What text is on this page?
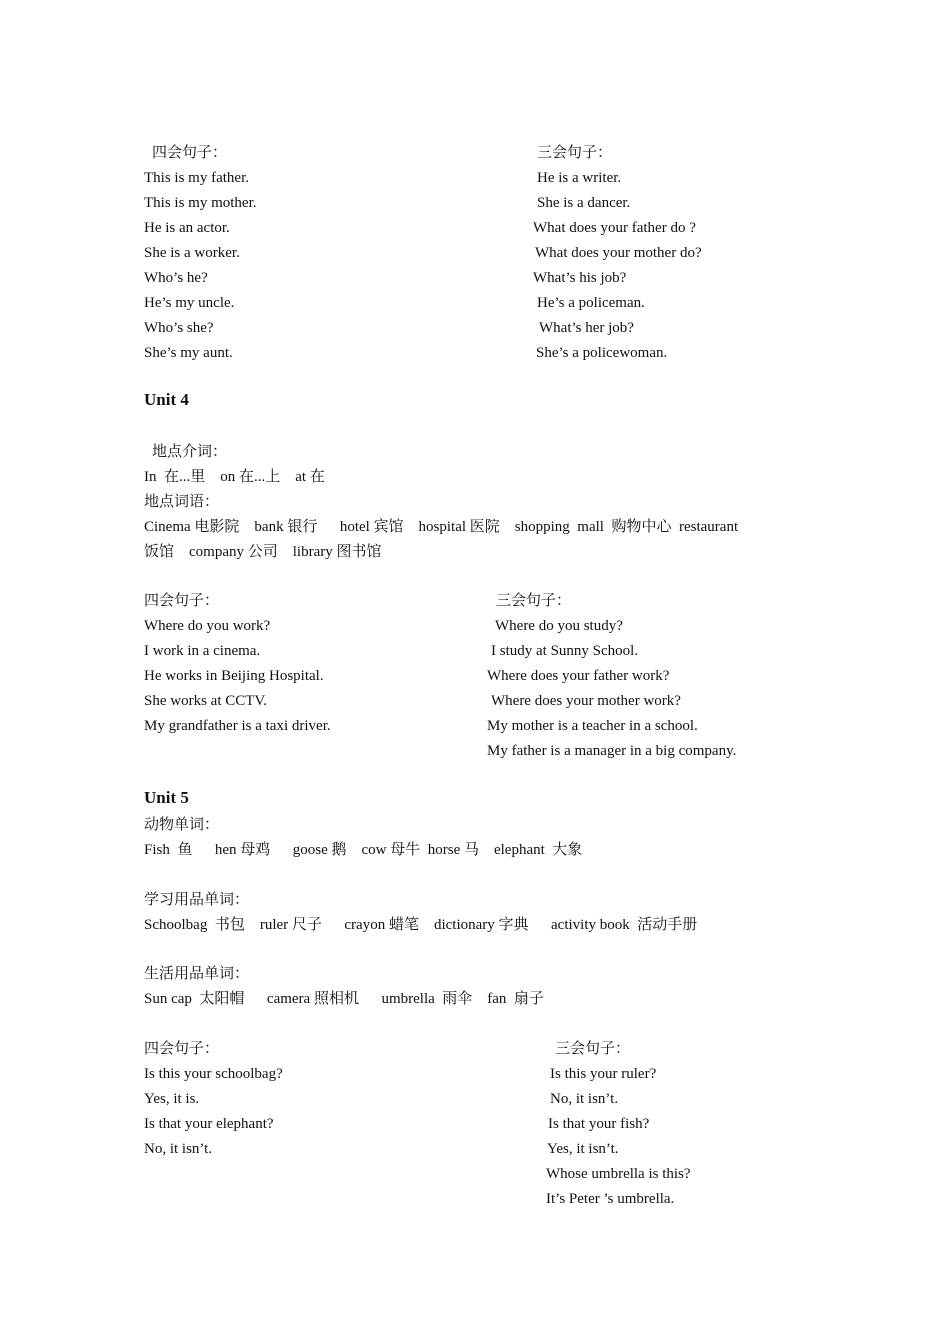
四会句子：
This is my father.
This is my mother.
He is an actor.
She is a worker.
Who’s he?
He’s my uncle.
Who’s she?
She’s my aunt.
三会句子：
He is a writer.
She is a dancer.
What does your father do ?
What does your mother do?
What’s his job?
He’s a policeman.
What’s her job?
She’s a policewoman.
Unit 4
地点介词：
In  在...里    on 在...上    at 在
地点词语：
Cinema 电影院    bank 银行      hotel 宾馆    hospital 医院    shopping  mall  购物中心  restaurant
饭馆    company 公司    library 图书馆
四会句子：
Where do you work?
I work in a cinema.
He works in Beijing Hospital.
She works at CCTV.
My grandfather is a taxi driver.
三会句子：
Where do you study?
I study at Sunny School.
Where does your father work?
Where does your mother work?
My mother is a teacher in a school.
My father is a manager in a big company.
Unit 5
动物单词：
Fish  鱼      hen 母鸡      goose 鹅    cow 母牛  horse 马    elephant  大象
学习用品单词：
Schoolbag  书包    ruler 尺子      crayon 蜡笔    dictionary 字典      activity book  活动手册
生活用品单词：
Sun cap  太阳帽      camera 照相机      umbrella  雨伞    fan  扇子
四会句子：
Is this your schoolbag?
Yes, it is.
Is that your elephant?
No, it isn’t.
三会句子：
Is this your ruler?
No, it isn’t.
Is that your fish?
Yes, it isn’t.
Whose umbrella is this?
It’s Peter ’s umbrella.
